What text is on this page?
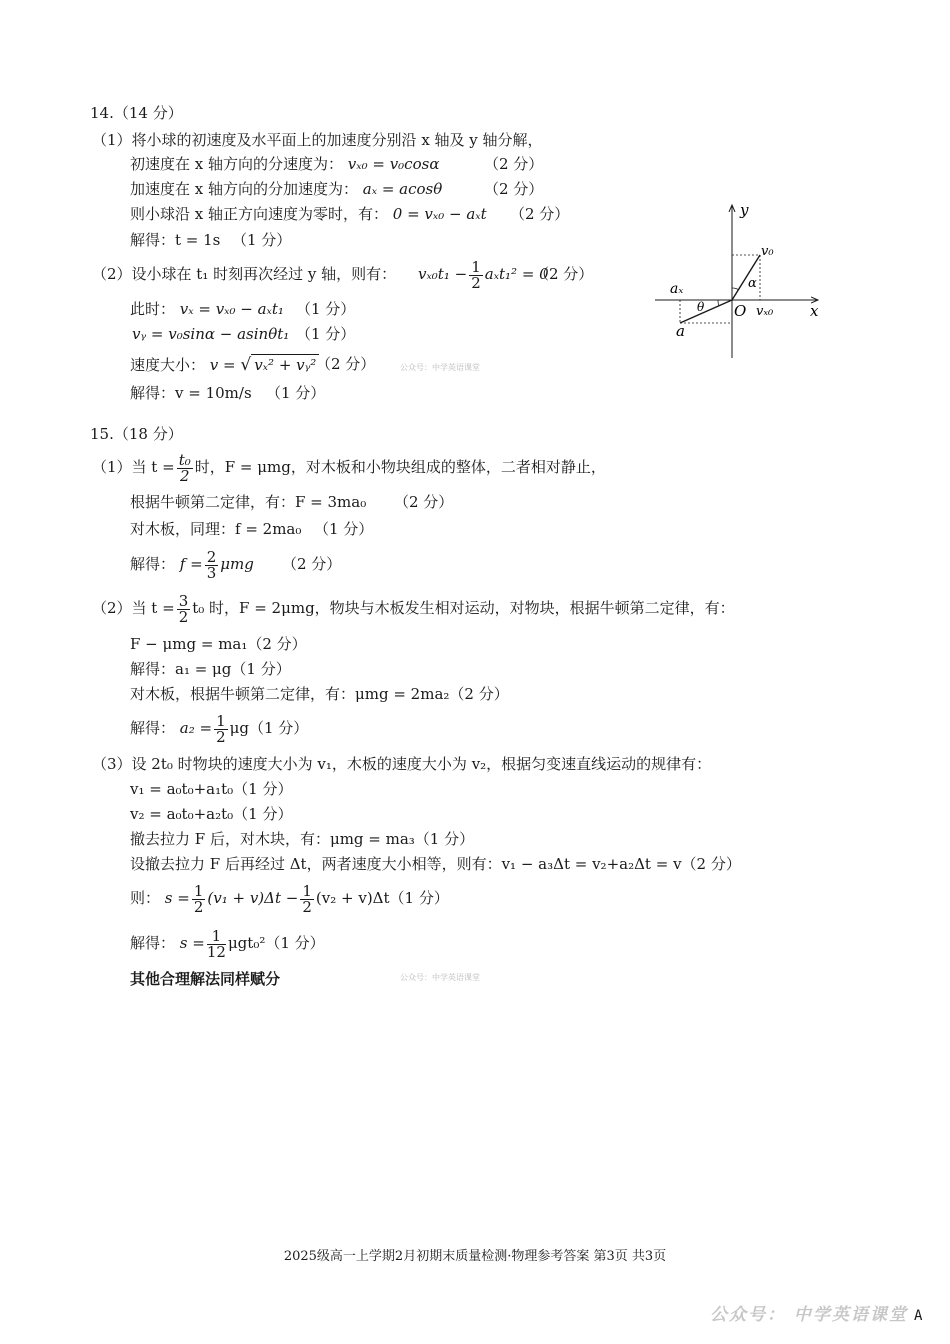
14.（14 分）
（1）将小球的初速度及水平面上的加速度分别沿 x 轴及 y 轴分解，
初速度在 x 轴方向的分速度为： vₓ₀ = v₀cosα	（2 分）
加速度在 x 轴方向的分加速度为： aₓ = acosθ	（2 分）
则小球沿 x 轴正方向速度为零时，有： 0 = vₓ₀ − aₓt （2 分）
解得：t = 1s （1 分）
（2）设小球在 t₁ 时刻再次经过 y 轴，则有： $v_{x0}t_1 - \frac{1}{2} a_xt_1^2 = 0$
（2 分）
此时： vₓ = vₓ₀ − aₓt₁ （1 分）
vᵧ = v₀sinα − asinθt₁ （1 分）
速度大小： v = √ vₓ² + vᵧ² （2 分）
解得：v = 10m/s （1 分）
公众号：中学英语课堂
y
x
v₀
α
aₓ
θ O vₓ₀
a
15.（18 分）
（1）当 $t = \frac{\text{t₀}}{2}$ 时，F = μmg，对木板和小物块组成的整体，二者相对静止，
根据牛顿第二定律，有：F = 3ma₀ （2 分）
对木板，同理：f = 2ma₀ （1 分）
解得： $f = \frac{2}{3}$ μmg （2 分）
（2）当 $t = \frac{3}{2} t_0$ 时，F = 2μmg，物块与木板发生相对运动，对物块，根据牛顿第二定律，有：
F − μmg = ma₁（2 分）
解得：a₁ = μg（1 分）
对木板，根据牛顿第二定律，有：μmg = 2ma₂（2 分）
解得： $a_2 = \frac{1}{2} \mu g(1$ 分）
（3）设 2t₀ 时物块的速度大小为 v₁，木板的速度大小为 v₂，根据匀变速直线运动的规律有：
v₁ = a₀t₀+a₁t₀（1 分）
v₂ = a₀t₀+a₂t₀（1 分）
撤去拉力 F 后，对木块，有：μmg = ma₃（1 分）
设撤去拉力 F 后再经过 Δt，两者速度大小相等，则有：v₁ − a₃Δt = v₂+a₂Δt = v（2 分）
则： $s = \frac{1}{2} (v_1 + v)\Delta t - \frac{1}{2} (v_2 + v)\Delta t(1$ 分）
解得： $s = \frac{1}{12} \mu gt_0^2(1$ 分）
其他合理解法同样赋分	公众号：中学英语课堂
2025级高一上学期2月初期末质量检测·物理参考答案 第3页 共3页
公众号： 中学英语课堂 A
